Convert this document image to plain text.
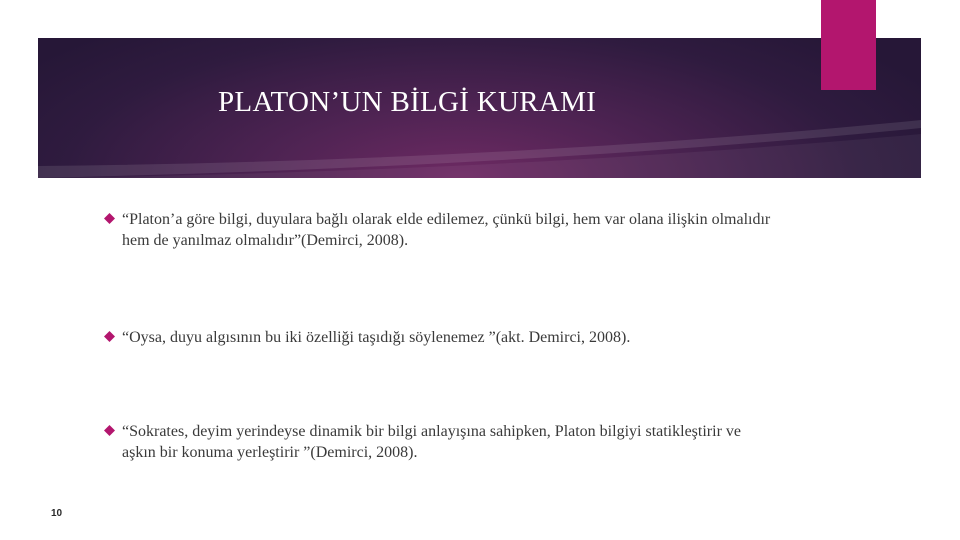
PLATON’UN BİLGİ KURAMI
“Platon’a göre bilgi, duyulara bağlı olarak elde edilemez, çünkü bilgi, hem var olana ilişkin olmalıdır hem de yanılmaz olmalıdır”(Demirci, 2008).
“Oysa, duyu algısının bu iki özelliği taşıdığı söylenemez ”(akt. Demirci, 2008).
“Sokrates, deyim yerindeyse dinamik bir bilgi anlayışına sahipken, Platon bilgiyi statikleştirir ve aşkın bir konuma yerleştirir ”(Demirci, 2008).
10
